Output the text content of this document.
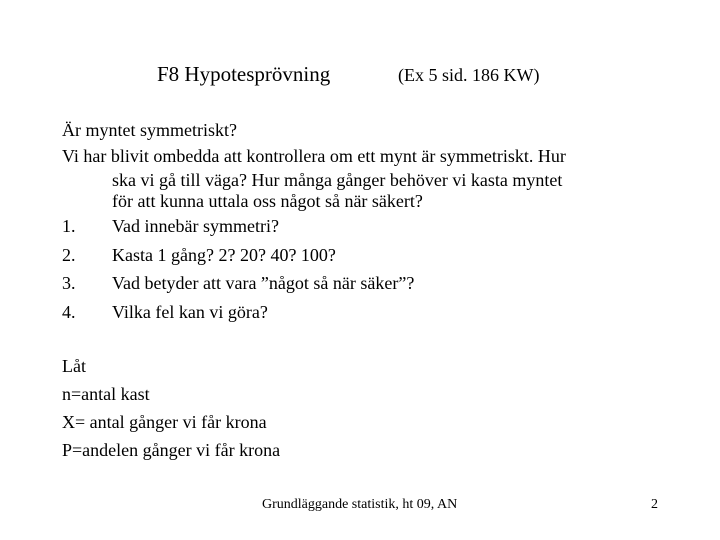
F8 Hypotesprövning	(Ex 5 sid. 186 KW)
Är myntet symmetriskt?
Vi har blivit ombedda att kontrollera om ett mynt är symmetriskt. Hur
ska vi gå till väga? Hur många gånger behöver vi kasta myntet
för att kunna uttala oss något så när säkert?
1. Vad innebär symmetri?
2. Kasta 1 gång? 2? 20? 40? 100?
3. Vad betyder att vara ”något så när säker”?
4. Vilka fel kan vi göra?
Låt
n=antal kast
X= antal gånger vi får krona
P=andelen gånger vi får krona
Grundläggande statistik, ht 09, AN	2
